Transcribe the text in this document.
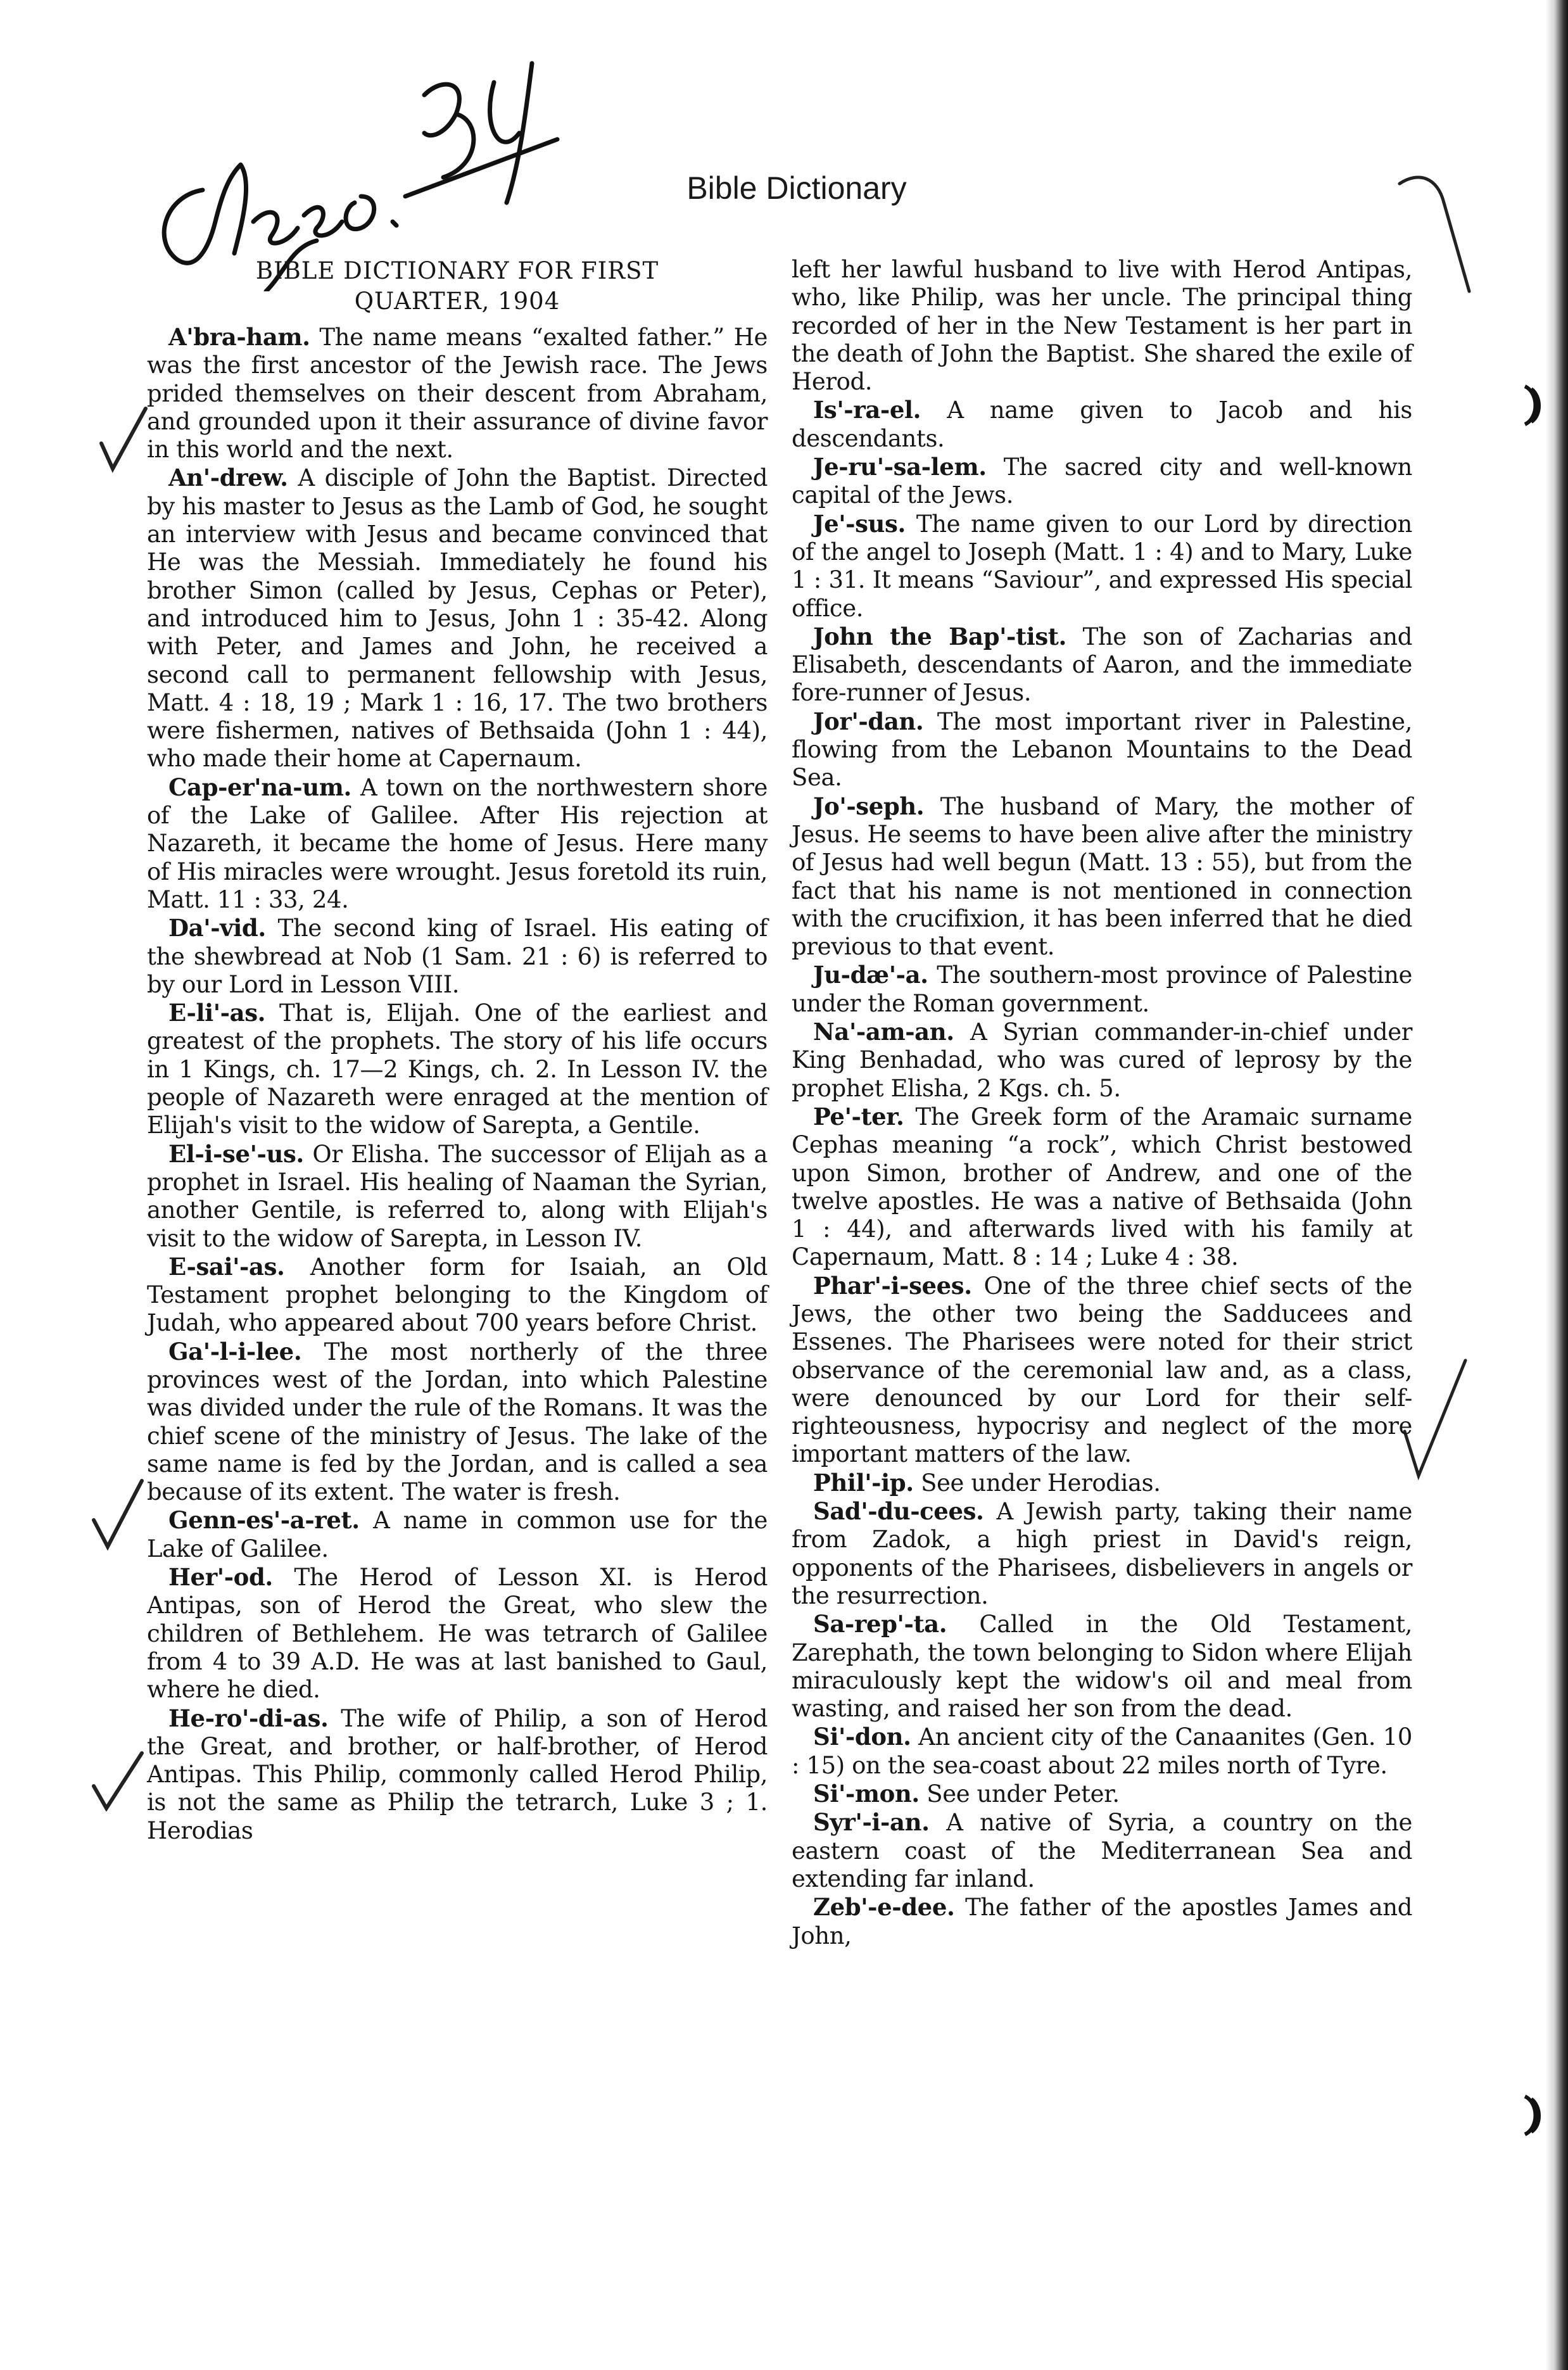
Bible Dictionary
BIBLE DICTIONARY FOR FIRST
QUARTER, 1904

A'bra-ham. The name means “exalted father.” He was the first ancestor of the Jewish race. The Jews prided themselves on their descent from Abraham, and grounded upon it their assurance of divine favor in this world and the next.

An'-drew. A disciple of John the Baptist. Directed by his master to Jesus as the Lamb of God, he sought an interview with Jesus and became convinced that He was the Messiah. Immediately he found his brother Simon (called by Jesus, Cephas or Peter), and introduced him to Jesus, John 1 : 35-42. Along with Peter, and James and John, he received a second call to permanent fellowship with Jesus, Matt. 4 : 18, 19 ; Mark 1 : 16, 17. The two brothers were fishermen, natives of Bethsaida (John 1 : 44), who made their home at Capernaum.

Cap-er'na-um. A town on the northwestern shore of the Lake of Galilee. After His rejection at Nazareth, it became the home of Jesus. Here many of His miracles were wrought. Jesus foretold its ruin, Matt. 11 : 33, 24.

Da'-vid. The second king of Israel. His eating of the shewbread at Nob (1 Sam. 21 : 6) is referred to by our Lord in Lesson VIII.

E-li'-as. That is, Elijah. One of the earliest and greatest of the prophets. The story of his life occurs in 1 Kings, ch. 17—2 Kings, ch. 2. In Lesson IV. the people of Nazareth were enraged at the mention of Elijah's visit to the widow of Sarepta, a Gentile.

El-i-se'-us. Or Elisha. The successor of Elijah as a prophet in Israel. His healing of Naaman the Syrian, another Gentile, is referred to, along with Elijah's visit to the widow of Sarepta, in Lesson IV.

E-sai'-as. Another form for Isaiah, an Old Testament prophet belonging to the Kingdom of Judah, who appeared about 700 years before Christ.

Ga'-l-i-lee. The most northerly of the three provinces west of the Jordan, into which Palestine was divided under the rule of the Romans. It was the chief scene of the ministry of Jesus. The lake of the same name is fed by the Jordan, and is called a sea because of its extent. The water is fresh.

Genn-es'-a-ret. A name in common use for the Lake of Galilee.

Her'-od. The Herod of Lesson XI. is Herod Antipas, son of Herod the Great, who slew the children of Bethlehem. He was tetrarch of Galilee from 4 to 39 A.D. He was at last banished to Gaul, where he died.

He-ro'-di-as. The wife of Philip, a son of Herod the Great, and brother, or half-brother, of Herod Antipas. This Philip, commonly called Herod Philip, is not the same as Philip the tetrarch, Luke 3 ; 1. Herodias

left her lawful husband to live with Herod Antipas, who, like Philip, was her uncle. The principal thing recorded of her in the New Testament is her part in the death of John the Baptist. She shared the exile of Herod.

Is'-ra-el. A name given to Jacob and his descendants.

Je-ru'-sa-lem. The sacred city and well-known capital of the Jews.

Je'-sus. The name given to our Lord by direction of the angel to Joseph (Matt. 1 : 4) and to Mary, Luke 1 : 31. It means “Saviour”, and expressed His special office.

John the Bap'-tist. The son of Zacharias and Elisabeth, descendants of Aaron, and the immediate fore-runner of Jesus.

Jor'-dan. The most important river in Palestine, flowing from the Lebanon Mountains to the Dead Sea.

Jo'-seph. The husband of Mary, the mother of Jesus. He seems to have been alive after the ministry of Jesus had well begun (Matt. 13 : 55), but from the fact that his name is not mentioned in connection with the crucifixion, it has been inferred that he died previous to that event.

Ju-dæ'-a. The southern-most province of Palestine under the Roman government.

Na'-am-an. A Syrian commander-in-chief under King Benhadad, who was cured of leprosy by the prophet Elisha, 2 Kgs. ch. 5.

Pe'-ter. The Greek form of the Aramaic surname Cephas meaning “a rock”, which Christ bestowed upon Simon, brother of Andrew, and one of the twelve apostles. He was a native of Bethsaida (John 1 : 44), and afterwards lived with his family at Capernaum, Matt. 8 : 14 ; Luke 4 : 38.

Phar'-i-sees. One of the three chief sects of the Jews, the other two being the Sadducees and Essenes. The Pharisees were noted for their strict observance of the ceremonial law and, as a class, were denounced by our Lord for their self-righteousness, hypocrisy and neglect of the more important matters of the law.

Phil'-ip. See under Herodias.

Sad'-du-cees. A Jewish party, taking their name from Zadok, a high priest in David's reign, opponents of the Pharisees, disbelievers in angels or the resurrection.

Sa-rep'-ta. Called in the Old Testament, Zarephath, the town belonging to Sidon where Elijah miraculously kept the widow's oil and meal from wasting, and raised her son from the dead.

Si'-don. An ancient city of the Canaanites (Gen. 10 : 15) on the sea-coast about 22 miles north of Tyre.

Si'-mon. See under Peter.

Syr'-i-an. A native of Syria, a country on the eastern coast of the Mediterranean Sea and extending far inland.

Zeb'-e-dee. The father of the apostles James and John,
